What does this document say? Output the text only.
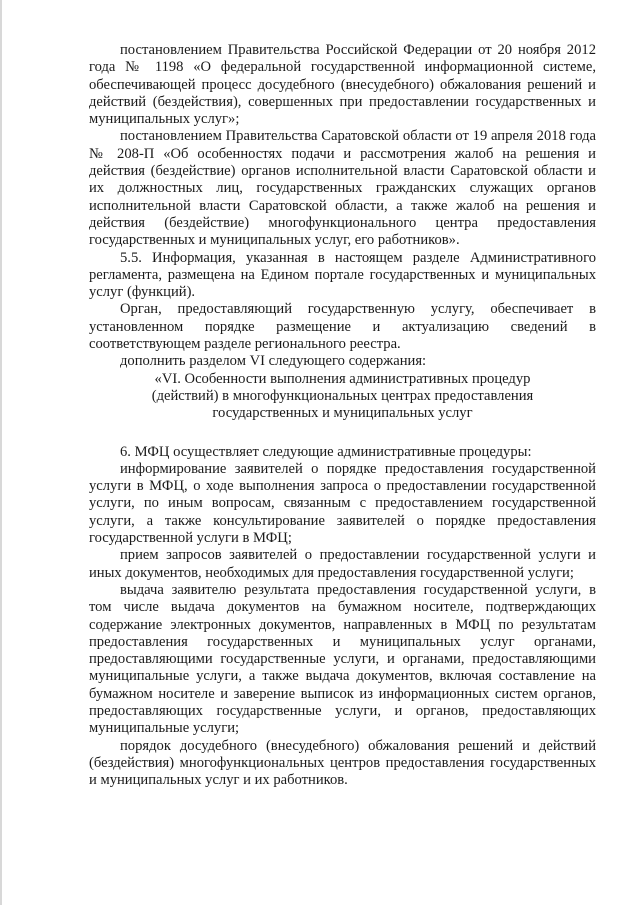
постановлением Правительства Российской Федерации от 20 ноября 2012 года № 1198 «О федеральной государственной информационной системе, обеспечивающей процесс досудебного (внесудебного) обжалования решений и действий (бездействия), совершенных при предоставлении государственных и муниципальных услуг»;

постановлением Правительства Саратовской области от 19 апреля 2018 года № 208-П «Об особенностях подачи и рассмотрения жалоб на решения и действия (бездействие) органов исполнительной власти Саратовской области и их должностных лиц, государственных гражданских служащих органов исполнительной власти Саратовской области, а также жалоб на решения и действия (бездействие) многофункционального центра предоставления государственных и муниципальных услуг, его работников».

5.5. Информация, указанная в настоящем разделе Административного регламента, размещена на Едином портале государственных и муниципальных услуг (функций).

Орган, предоставляющий государственную услугу, обеспечивает в установленном порядке размещение и актуализацию сведений в соответствующем разделе регионального реестра.

дополнить разделом VI следующего содержания:

«VI. Особенности выполнения административных процедур

(действий) в многофункциональных центрах предоставления

государственных и муниципальных услуг

6. МФЦ осуществляет следующие административные процедуры:

информирование заявителей о порядке предоставления государственной услуги в МФЦ, о ходе выполнения запроса о предоставлении государственной услуги, по иным вопросам, связанным с предоставлением государственной услуги, а также консультирование заявителей о порядке предоставления государственной услуги в МФЦ;

прием запросов заявителей о предоставлении государственной услуги и иных документов, необходимых для предоставления государственной услуги;

выдача заявителю результата предоставления государственной услуги, в том числе выдача документов на бумажном носителе, подтверждающих содержание электронных документов, направленных в МФЦ по результатам предоставления государственных и муниципальных услуг органами, предоставляющими государственные услуги, и органами, предоставляющими муниципальные услуги, а также выдача документов, включая составление на бумажном носителе и заверение выписок из информационных систем органов, предоставляющих государственные услуги, и органов, предоставляющих муниципальные услуги;

порядок досудебного (внесудебного) обжалования решений и действий (бездействия) многофункциональных центров предоставления государственных и муниципальных услуг и их работников.
